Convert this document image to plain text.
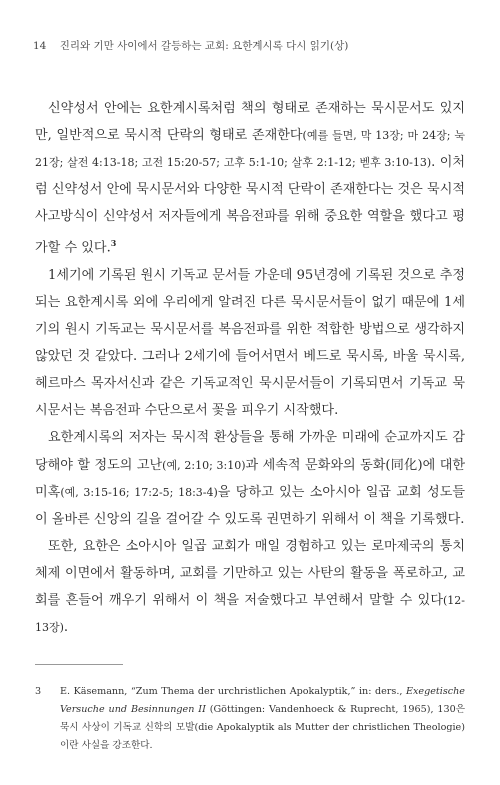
14 진리와 기만 사이에서 갈등하는 교회: 요한계시록 다시 읽기(상)

신약성서 안에는 요한계시록처럼 책의 형태로 존재하는 묵시문서도 있지만, 일반적으로 묵시적 단락의 형태로 존재한다(예를 들면, 막 13장; 마 24장; 눅 21장; 살전 4:13-18; 고전 15:20-57; 고후 5:1-10; 살후 2:1-12; 벧후 3:10-13). 이처럼 신약성서 안에 묵시문서와 다양한 묵시적 단락이 존재한다는 것은 묵시적 사고방식이 신약성서 저자들에게 복음전파를 위해 중요한 역할을 했다고 평가할 수 있다.$^3$

1세기에 기록된 원시 기독교 문서들 가운데 95년경에 기록된 것으로 추정되는 요한계시록 외에 우리에게 알려진 다른 묵시문서들이 없기 때문에 1세기의 원시 기독교는 묵시문서를 복음전파를 위한 적합한 방법으로 생각하지 않았던 것 같았다. 그러나 2세기에 들어서면서 베드로 묵시록, 바울 묵시록, 헤르마스 목자서신과 같은 기독교적인 묵시문서들이 기록되면서 기독교 묵시문서는 복음전파 수단으로서 꽃을 피우기 시작했다.

요한계시록의 저자는 묵시적 환상들을 통해 가까운 미래에 순교까지도 감당해야 할 정도의 고난(예, 2:10; 3:10)과 세속적 문화와의 동화(同化)에 대한 미혹(예, 3:15-16; 17:2-5; 18:3-4)을 당하고 있는 소아시아 일곱 교회 성도들이 올바른 신앙의 길을 걸어갈 수 있도록 권면하기 위해서 이 책을 기록했다.

또한, 요한은 소아시아 일곱 교회가 매일 경험하고 있는 로마제국의 통치 체제 이면에서 활동하며, 교회를 기만하고 있는 사탄의 활동을 폭로하고, 교회를 흔들어 깨우기 위해서 이 책을 저술했다고 부연해서 말할 수 있다(12-13장).

3 E. Käsemann, “Zum Thema der urchristlichen Apokalyptik,” in: ders., Exegetische Versuche und Besinnungen II (Göttingen: Vandenhoeck & Ruprecht, 1965), 130은 묵시 사상이 기독교 신학의 모발(die Apokalyptik als Mutter der christlichen Theologie)이란 사실을 강조한다.
